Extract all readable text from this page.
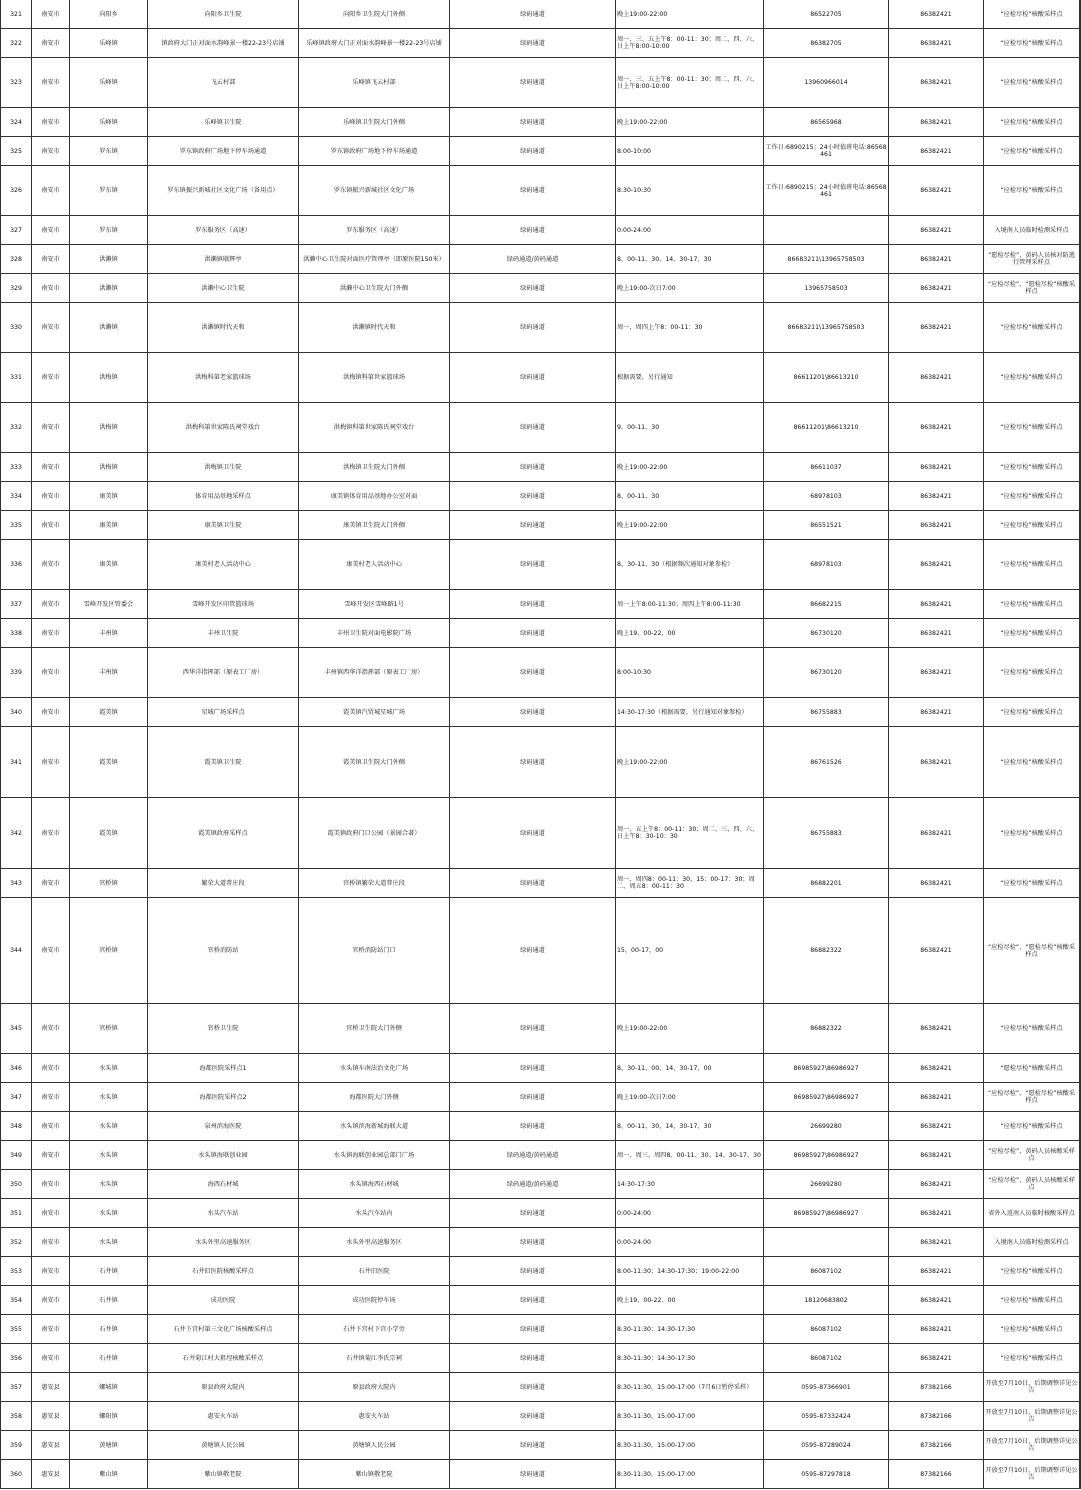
321	南安市	向阳乡	向阳乡卫生院	向阳乡卫生院大门外侧	绿码通道	晚上19:00-22:00	86522705	86382421	“应检尽检”核酸采样点	
322	南安市	乐峰镇	镇政府大门正对面水韵峰景一楼22-23号店铺	乐峰镇政府大门正对面水韵峰景一楼22-23号店铺	绿码通道	周一、三、五上午8：00-11：30；周二、四、六、日上午8:00-10:00	86382705	86382421	“应检尽检”核酸采样点	
323	南安市	乐峰镇	飞云村部	乐峰镇飞云村部	绿码通道	周一、三、五上午8：00-11：30；周二、四、六、日上午8:00-10:00	13960966014	86382421	“应检尽检”核酸采样点	
324	南安市	乐峰镇	乐峰镇卫生院	乐峰镇卫生院大门外侧	绿码通道	晚上19:00-22:00	86565968	86382421	“应检尽检”核酸采样点	
325	南安市	罗东镇	罗东镇政府广场地下停车场通道	罗东镇政府广场地下停车场通道	绿码通道	8:00-10:00	工作日:6890215；24小时值班电话:86568461	86382421	“应检尽检”核酸采样点	
326	南安市	罗东镇	罗东镇振兴新城社区文化广场（备用点）	罗东镇振兴新城社区文化广场	绿码通道	8:30-10:30	工作日:6890215；24小时值班电话:86568461	86382421	“应检尽检”核酸采样点	
327	南安市	罗东镇	罗东服务区（高速）	罗东服务区（高速）	绿码通道	0:00-24:00		86382421	入境南人员临时检测采样点	
328	南安市	洪濑镇	洪濑镇联辉亭	洪濑中心卫生院对面医疗管理亭（即原医院150米）	绿码通道/黄码通道	8、00-11、30、14、30-17、30	86683211\13965758503	86382421	“愿检尽检”、黄码人员核对防逃行管理采样点	
329	南安市	洪濑镇	洪濑中心卫生院	洪濑中心卫生院大门外侧	绿码通道	晚上19:00-次日7:00	13965758503	86382421	“应检尽检”、“愿检尽检”核酸采样点	
330	南安市	洪濑镇	洪濑镇时代天和	洪濑镇时代天和	绿码通道	周一、周四上午8：00-11：30	86683211\13965758503	86382421	“应检尽检”核酸采样点	
331	南安市	洪梅镇	洪梅科第老家篮球场	洪梅镇科第世家篮球场	绿码通道	根据需要，另行通知	86611201\86613210	86382421	“应检尽检”核酸采样点	
332	南安市	洪梅镇	洪梅科第世家陈氏祠堂戏台	洪梅镇科第世家陈氏祠堂戏台	绿码通道	9、00-11、30	86611201\86613210	86382421	“应检尽检”核酸采样点	
333	南安市	洪梅镇	洪梅镇卫生院	洪梅镇卫生院大门外侧	绿码通道	晚上19:00-22:00	86611037	86382421	“应检尽检”核酸采样点	
334	南安市	康美镇	体育用品基地采样点	康美镇体育用品基地办公室对面	绿码通道	8、00-11、30	68978103	86382421	“应检尽检”核酸采样点	
335	南安市	康美镇	康美镇卫生院	康美镇卫生院大门外侧	绿码通道	晚上19:00-22:00	86551521	86382421	“应检尽检”核酸采样点	
336	南安市	康美镇	康美村老人活动中心	康美村老人活动中心	绿码通道	8、30-11、30（根据频次通知对象参检）	68978103	86382421	“应检尽检”核酸采样点	
337	南安市	雪峰开发区管委会	雪峰开发区印管篮球场	雪峰开发区雪峰路1号	绿码通道	周一上午8:00-11:30；周四上午8:00-11:30	86682215	86382421	“应检尽检”核酸采样点	
338	南安市	丰州镇	丰州卫生院	丰州卫生院对面电影院广场	绿码通道	晚上19、00-22、00	86730120	86382421	“应检尽检”核酸采样点	
339	南安市	丰州镇	西华洋指挥部（原表工厂房）	丰州镇西华洋指挥部（原表工厂房）	绿码通道	8:00-10:30	86730120	86382421	“应检尽检”核酸采样点	
340	南安市	霞美镇	星城广场采样点	霞美镇汽贸城星城广场	绿码通道	14:30-17:30（根据需要，另行通知对象参检）	86755883	86382421	“应检尽检”核酸采样点	
341	南安市	霞美镇	霞美镇卫生院	霞美镇卫生院大门外侧	绿码通道	晚上19:00-22:00	86761526	86382421	“应检尽检”核酸采样点	
342	南安市	霞美镇	霞美镇政府采样点	霞美镇政府门口公园（景园合著）	绿码通道	周一、五上午8：00-11：30；周二、三、四、六、日上午8：30-10：30	86755883	86382421	“应检尽检”核酸采样点	
343	南安市	官桥镇	繁荣大道普庄段	官桥镇繁荣大道普庄段	绿码通道	周一、周四8：00-11：30，15：00-17：30；周二、周五8：00-11：30	86882201	86382421	“应检尽检”核酸采样点	
344	南安市	官桥镇	官桥消防站	官桥消防站门口	绿码通道	15、00-17、00	86882322	86382421	“应检尽检”、“愿检尽检”核酸采样点	
345	南安市	官桥镇	官桥卫生院	官桥卫生院大门外侧	绿码通道	晚上19:00-22:00	86882322	86382421	“应检尽检”核酸采样点	
346	南安市	水头镇	海都医院采样点1	水头镇车南法治文化广场	绿码通道	8、30-11、00、14、30-17、00	86985927\86986927	86382421	“愿检尽检”核酸采样点	
347	南安市	水头镇	海都医院采样点2	海都医院大门外侧	绿码通道	晚上19:00-次日7:00	86985927\86986927	86382421	“应检尽检”、“愿检尽检”核酸采样点	
348	南安市	水头镇	泉州滨海医院	水头镇滨海新城海联大道	绿码通道	8、00-11、30、14、30-17、30	26699280	86382421	“应检尽检”核酸采样点	
349	南安市	水头镇	水头镇海联创业园	水头镇海联创业园总部门广场	绿码通道/黄码通道	周一、周三、周四8、00-11、30、14、30-17、30	86985927\86986927	86382421	“应检尽检”、黄码人员核酸采样点	
350	南安市	水头镇	海西石材城	水头镇海西石材城	绿码通道/黄码通道	14:30-17:30	26699280	86382421	“应检尽检”、黄码人员核酸采样点	
351	南安市	水头镇	水头汽车站	水头汽车站内	绿码通道	0:00-24:00	86985927\86986927	86382421	省外入返南人员临时核酸采样点	
352	南安市	水头镇	水头外里高速服务区	水头外里高速服务区	绿码通道	0:00-24:00		86382421	入境南人员临时检测采样点	
353	南安市	石井镇	石井旧医院核酸采样点	石井旧医院	绿码通道	8:00-11:30；14:30-17:30；19:00-22:00	86087102	86382421	“应检尽检”核酸采样点	
354	南安市	石井镇	成功医院	成功医院停车场	绿码通道	晚上19、00-22、00	18120683802	86382421	“应检尽检”核酸采样点	
355	南安市	石井镇	石井下宫村第三文化广场核酸采样点	石井下宫村下宫小学旁	绿码通道	8:30-11:30；14:30-17:30	86087102	86382421	“应检尽检”核酸采样点	
356	南安市	石井镇	石井菊江村大祖埕核酸采样点	石井镇菊江李氏宗祠	绿码通道	8:30-11:30；14:30-17:30	86087102	86382421	“应检尽检”核酸采样点	
357	惠安县	螺城镇	原县政府大院内	原县政府大院内	绿码通道	8:30-11:30，15:00-17:00（7月6日暂停采样）	0595-87366901	87382166	开放至7月10日，后期调整详见公告	
358	惠安县	螺阳镇	惠安火车站	惠安火车站	绿码通道	8:30-11:30，15:00-17:00	0595-87332424	87382166	开放至7月10日，后期调整详见公告	
359	惠安县	黄塘镇	黄塘镇人民公园	黄塘镇人民公园	绿码通道	8:30-11:30，15:00-17:00	0595-87289024	87382166	开放至7月10日，后期调整详见公告	
360	惠安县	紫山镇	紫山镇敬老院	紫山镇敬老院	绿码通道	8:30-11:30，15:00-17:00	0595-87297818	87382166	开放至7月10日，后期调整详见公告	
